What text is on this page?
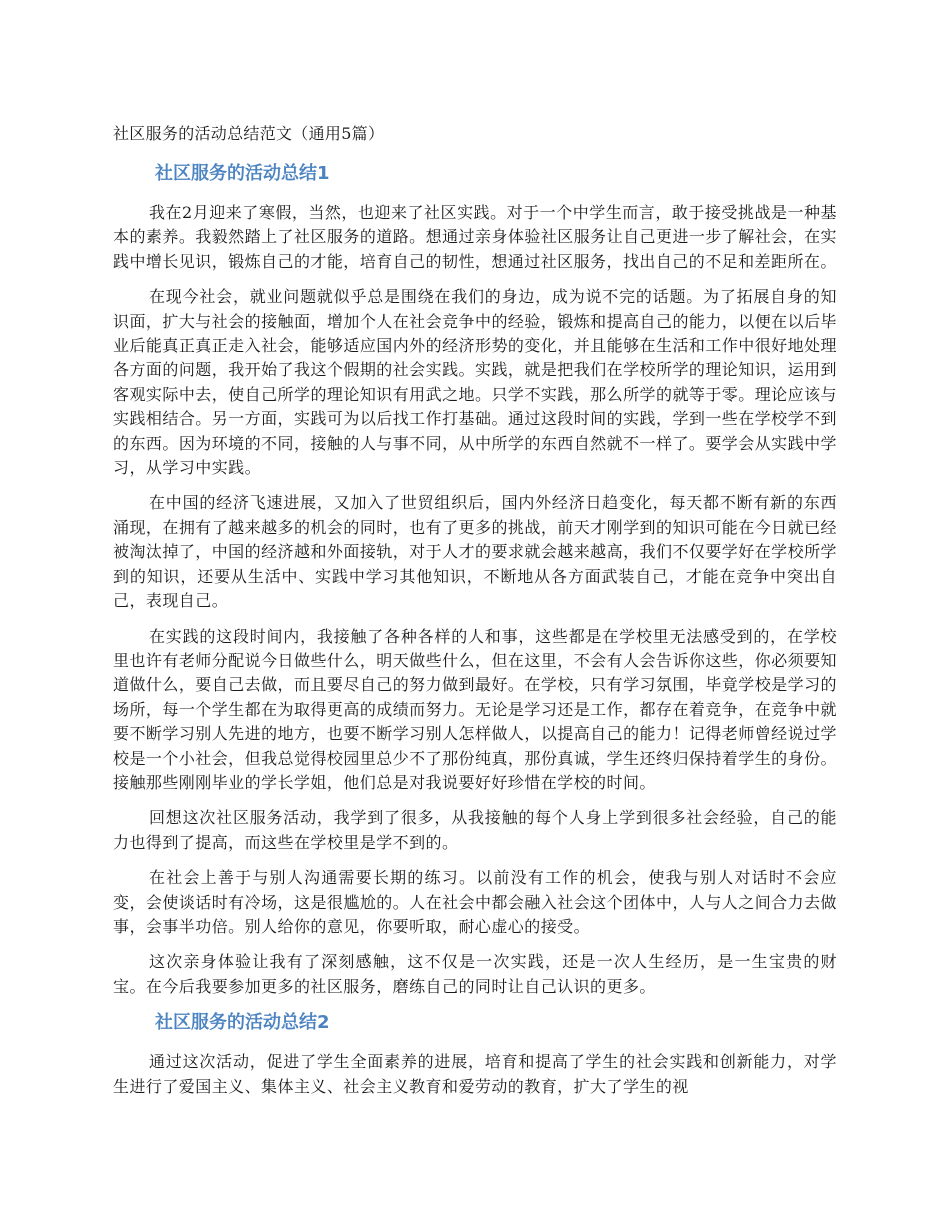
社区服务的活动总结范文（通用5篇）
社区服务的活动总结1

我在2月迎来了寒假，当然，也迎来了社区实践。对于一个中学生而言，敢于接受挑战是一种基本的素养。我毅然踏上了社区服务的道路。想通过亲身体验社区服务让自己更进一步了解社会，在实践中增长见识，锻炼自己的才能，培育自己的韧性，想通过社区服务，找出自己的不足和差距所在。

在现今社会，就业问题就似乎总是围绕在我们的身边，成为说不完的话题。为了拓展自身的知识面，扩大与社会的接触面，增加个人在社会竞争中的经验，锻炼和提高自己的能力，以便在以后毕业后能真正真正走入社会，能够适应国内外的经济形势的变化，并且能够在生活和工作中很好地处理各方面的问题，我开始了我这个假期的社会实践。实践，就是把我们在学校所学的理论知识，运用到客观实际中去，使自己所学的理论知识有用武之地。只学不实践，那么所学的就等于零。理论应该与实践相结合。另一方面，实践可为以后找工作打基础。通过这段时间的实践，学到一些在学校学不到的东西。因为环境的不同，接触的人与事不同，从中所学的东西自然就不一样了。要学会从实践中学习，从学习中实践。

在中国的经济飞速进展，又加入了世贸组织后，国内外经济日趋变化，每天都不断有新的东西涌现，在拥有了越来越多的机会的同时，也有了更多的挑战，前天才刚学到的知识可能在今日就已经被淘汰掉了，中国的经济越和外面接轨，对于人才的要求就会越来越高，我们不仅要学好在学校所学到的知识，还要从生活中、实践中学习其他知识，不断地从各方面武装自己，才能在竞争中突出自己，表现自己。

在实践的这段时间内，我接触了各种各样的人和事，这些都是在学校里无法感受到的，在学校里也许有老师分配说今日做些什么，明天做些什么，但在这里，不会有人会告诉你这些，你必须要知道做什么，要自己去做，而且要尽自己的努力做到最好。在学校，只有学习氛围，毕竟学校是学习的场所，每一个学生都在为取得更高的成绩而努力。无论是学习还是工作，都存在着竞争，在竞争中就要不断学习别人先进的地方，也要不断学习别人怎样做人，以提高自己的能力！记得老师曾经说过学校是一个小社会，但我总觉得校园里总少不了那份纯真，那份真诚，学生还终归保持着学生的身份。接触那些刚刚毕业的学长学姐，他们总是对我说要好好珍惜在学校的时间。

回想这次社区服务活动，我学到了很多，从我接触的每个人身上学到很多社会经验，自己的能力也得到了提高，而这些在学校里是学不到的。

在社会上善于与别人沟通需要长期的练习。以前没有工作的机会，使我与别人对话时不会应变，会使谈话时有冷场，这是很尴尬的。人在社会中都会融入社会这个团体中，人与人之间合力去做事，会事半功倍。别人给你的意见，你要听取，耐心虚心的接受。

这次亲身体验让我有了深刻感触，这不仅是一次实践，还是一次人生经历，是一生宝贵的财宝。在今后我要参加更多的社区服务，磨练自己的同时让自己认识的更多。

社区服务的活动总结2

通过这次活动，促进了学生全面素养的进展，培育和提高了学生的社会实践和创新能力，对学生进行了爱国主义、集体主义、社会主义教育和爱劳动的教育，扩大了学生的视
